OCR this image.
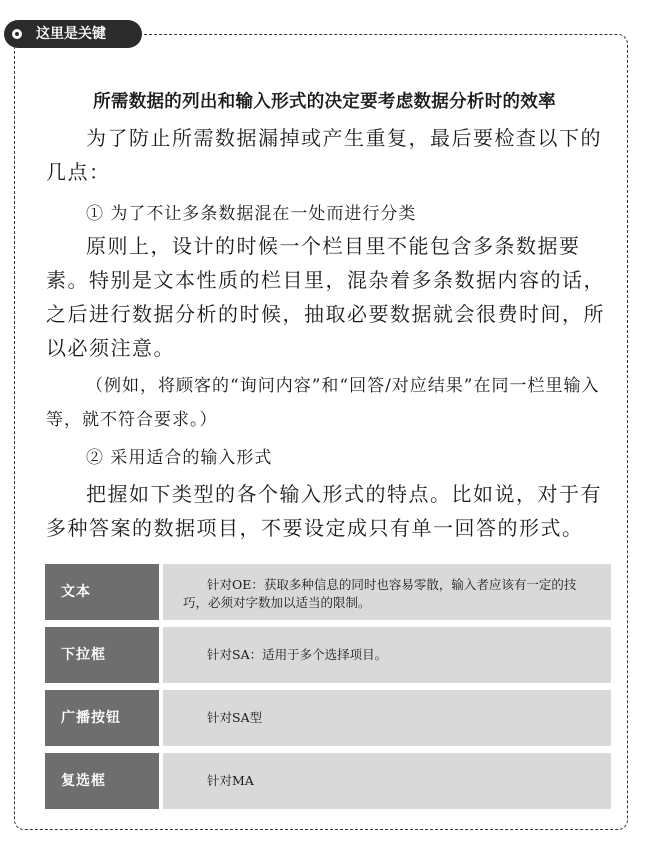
这里是关键
所需数据的列出和输入形式的决定要考虑数据分析时的效率

为了防止所需数据漏掉或产生重复，最后要检查以下的几点：

① 为了不让多条数据混在一处而进行分类

原则上，设计的时候一个栏目里不能包含多条数据要素。特别是文本性质的栏目里，混杂着多条数据内容的话，之后进行数据分析的时候，抽取必要数据就会很费时间，所以必须注意。

（例如，将顾客的“询问内容”和“回答/对应结果”在同一栏里输入等，就不符合要求。）

② 采用适合的输入形式

把握如下类型的各个输入形式的特点。比如说，对于有多种答案的数据项目，不要设定成只有单一回答的形式。

文本	针对OE：获取多种信息的同时也容易零散，输入者应该有一定的技巧，必须对字数加以适当的限制。
下拉框	针对SA：适用于多个选择项目。
广播按钮	针对SA型
复选框	针对MA
